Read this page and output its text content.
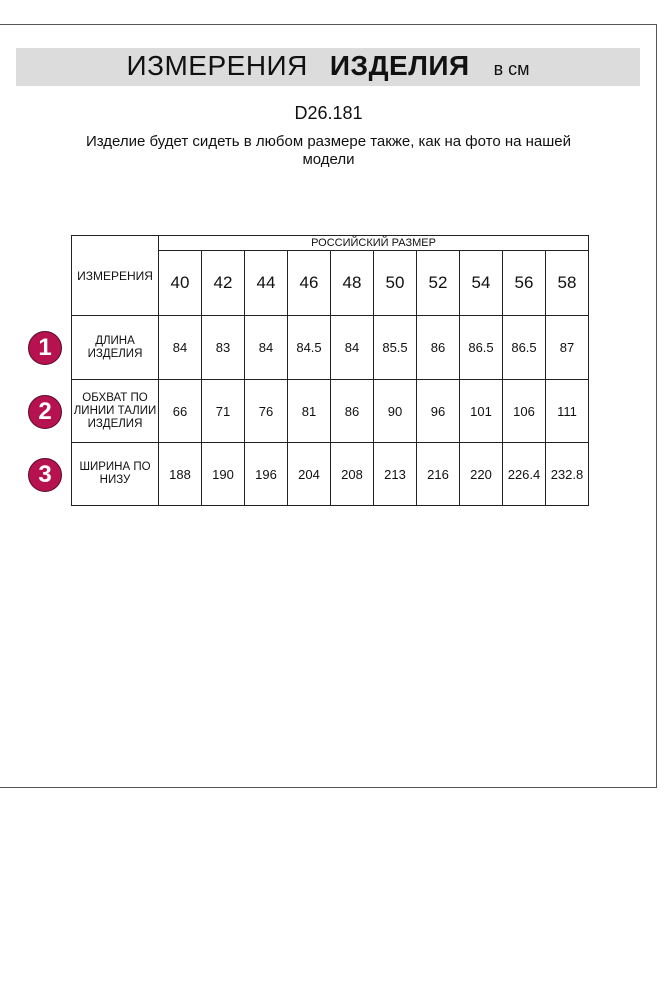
ИЗМЕРЕНИЯ ИЗДЕЛИЯ в см
D26.181
Изделие будет сидеть в любом размере также, как на фото на нашей модели
1
2
3
ИЗМЕРЕНИЯ	РОССИЙСКИЙ РАЗМЕР									
	40	42	44	46	48	50	52	54	56	58
ДЛИНА ИЗДЕЛИЯ	84	83	84	84.5	84	85.5	86	86.5	86.5	87
ОБХВАТ ПО ЛИНИИ ТАЛИИ ИЗДЕЛИЯ	66	71	76	81	86	90	96	101	106	111
ШИРИНА ПО НИЗУ	188	190	196	204	208	213	216	220	226.4	232.8
